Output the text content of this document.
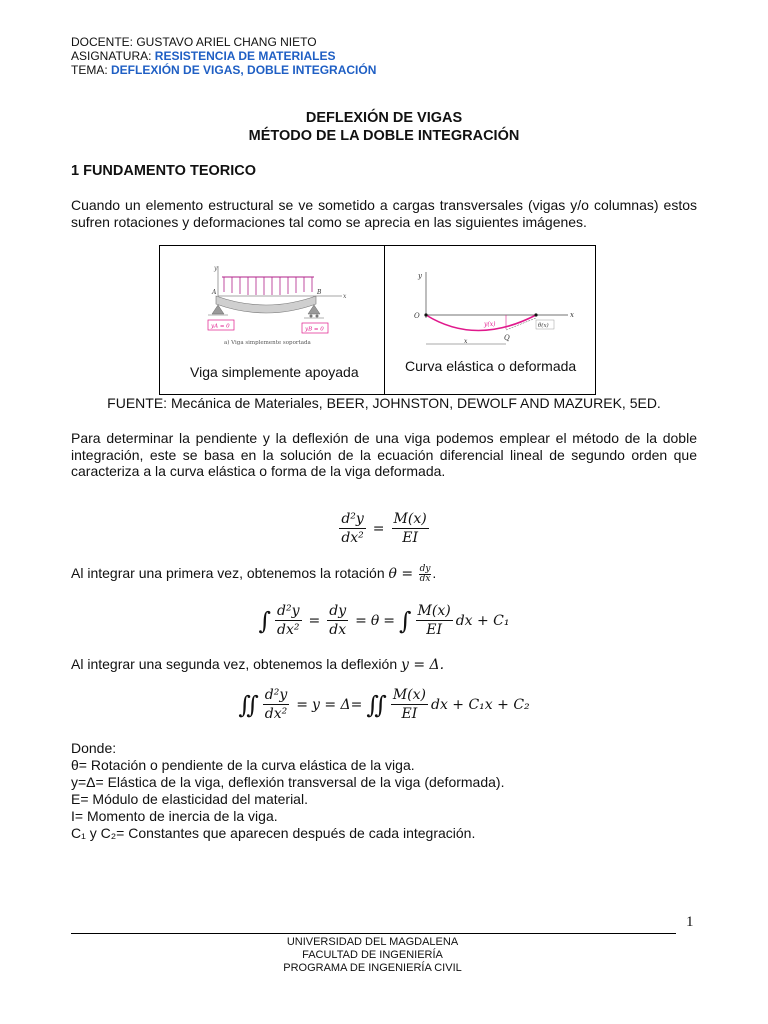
DOCENTE: GUSTAVO ARIEL CHANG NIETO
ASIGNATURA: RESISTENCIA DE MATERIALES
TEMA: DEFLEXIÓN DE VIGAS, DOBLE INTEGRACIÓN
DEFLEXIÓN DE VIGAS
MÉTODO DE LA DOBLE INTEGRACIÓN
1 FUNDAMENTO TEORICO
Cuando un elemento estructural se ve sometido a cargas transversales (vigas y/o columnas) estos sufren rotaciones y deformaciones tal como se aprecia en las siguientes imágenes.
y
x
A	B
yA = 0	yB = 0
a) Viga simplemente soportada
Viga simplemente apoyada
y
x
O
y(x)
Q
θ(x)
x
Curva elástica o deformada
FUENTE: Mecánica de Materiales, BEER, JOHNSTON, DEWOLF AND MAZUREK, 5ED.
Para determinar la pendiente y la deflexión de una viga podemos emplear el método de la doble integración, este se basa en la solución de la ecuación diferencial lineal de segundo orden que caracteriza a la curva elástica o forma de la viga deformada.
$\frac{\text{d²y}}{\text{dx²}} = \frac{M(x)}{EI}$
Al integrar una primera vez, obtenemos la rotación $\theta = \frac{dy}{dx}$ .
∫ $\frac{\text{d²y}}{\text{dx²}} = \frac{dy}{dx} = \theta$ = ∫ $\frac{M(x)}{EI}$ dx + C₁
Al integrar una segunda vez, obtenemos la deflexión y = Δ.
∬ $\frac{\text{d²y}}{\text{dx²}} = y = \Delta=$ ∬ $\frac{M(x)}{EI}$ dx + C₁x + C₂
Donde:
θ= Rotación o pendiente de la curva elástica de la viga.
y=Δ= Elástica de la viga, deflexión transversal de la viga (deformada).
E= Módulo de elasticidad del material.
I= Momento de inercia de la viga.
C₁ y C₂= Constantes que aparecen después de cada integración.
1
UNIVERSIDAD DEL MAGDALENA
FACULTAD DE INGENIERÍA
PROGRAMA DE INGENIERÍA CIVIL
